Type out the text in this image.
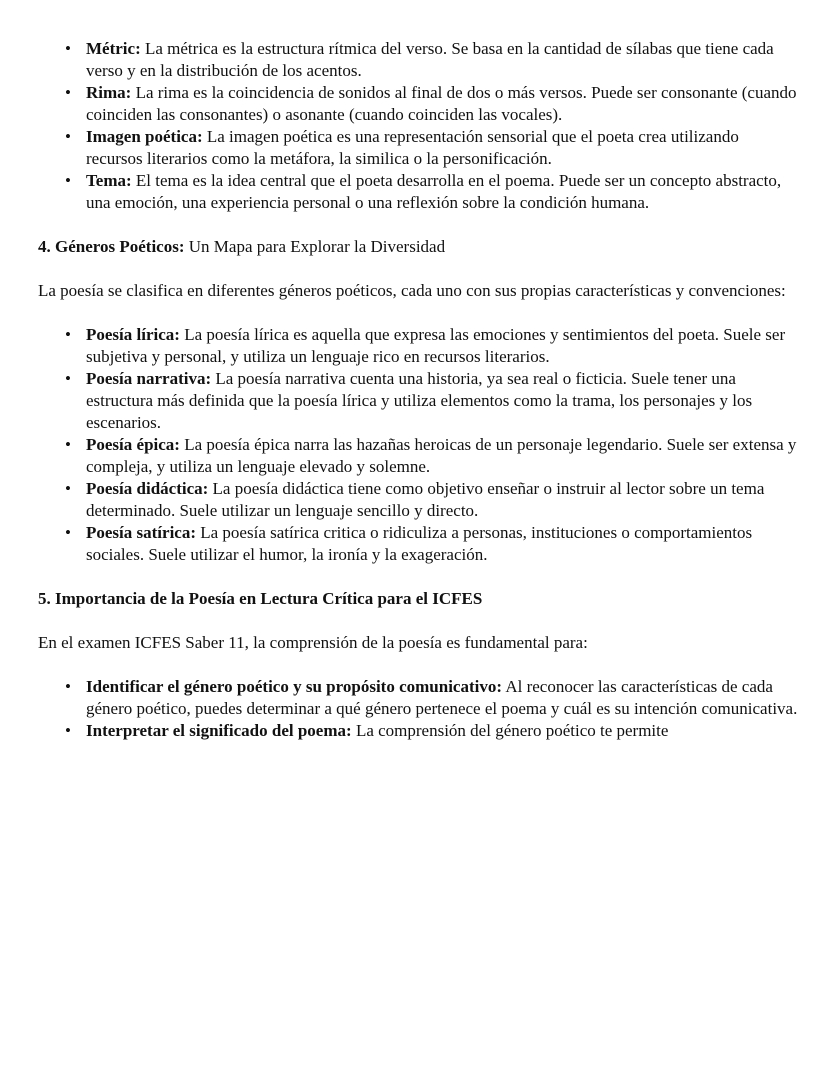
• Métric: La métrica es la estructura rítmica del verso. Se basa en la cantidad de sílabas que tiene cada verso y en la distribución de los acentos.
• Rima: La rima es la coincidencia de sonidos al final de dos o más versos. Puede ser consonante (cuando coinciden las consonantes) o asonante (cuando coinciden las vocales).
• Imagen poética: La imagen poética es una representación sensorial que el poeta crea utilizando recursos literarios como la metáfora, la similica o la personificación.
• Tema: El tema es la idea central que el poeta desarrolla en el poema. Puede ser un concepto abstracto, una emoción, una experiencia personal o una reflexión sobre la condición humana.

4. Géneros Poéticos: Un Mapa para Explorar la Diversidad

La poesía se clasifica en diferentes géneros poéticos, cada uno con sus propias características y convenciones:

• Poesía lírica: La poesía lírica es aquella que expresa las emociones y sentimientos del poeta. Suele ser subjetiva y personal, y utiliza un lenguaje rico en recursos literarios.
• Poesía narrativa: La poesía narrativa cuenta una historia, ya sea real o ficticia. Suele tener una estructura más definida que la poesía lírica y utiliza elementos como la trama, los personajes y los escenarios.
• Poesía épica: La poesía épica narra las hazañas heroicas de un personaje legendario. Suele ser extensa y compleja, y utiliza un lenguaje elevado y solemne.
• Poesía didáctica: La poesía didáctica tiene como objetivo enseñar o instruir al lector sobre un tema determinado. Suele utilizar un lenguaje sencillo y directo.
• Poesía satírica: La poesía satírica critica o ridiculiza a personas, instituciones o comportamientos sociales. Suele utilizar el humor, la ironía y la exageración.

5. Importancia de la Poesía en Lectura Crítica para el ICFES

En el examen ICFES Saber 11, la comprensión de la poesía es fundamental para:

• Identificar el género poético y su propósito comunicativo: Al reconocer las características de cada género poético, puedes determinar a qué género pertenece el poema y cuál es su intención comunicativa.
• Interpretar el significado del poema: La comprensión del género poético te permite
